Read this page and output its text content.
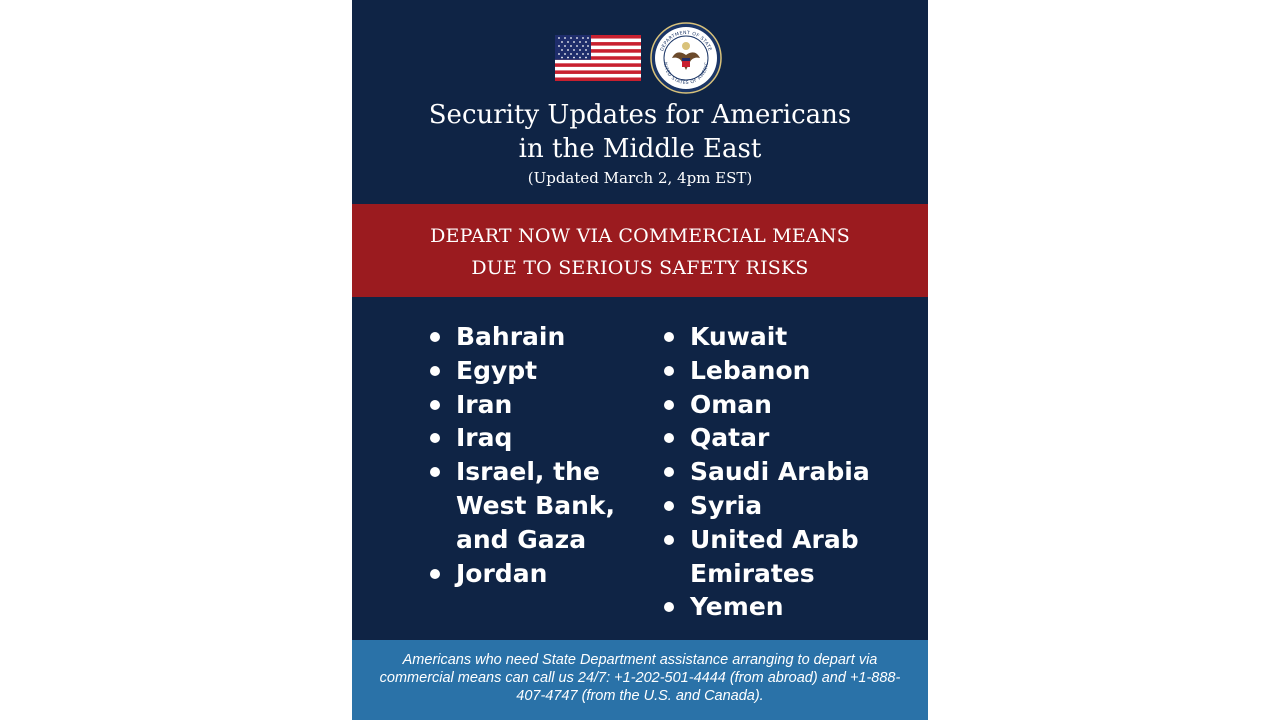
DEPARTMENT OF STATE
NITED STATES OF AMERIC
Security Updates for Americans
in the Middle East
(Updated March 2, 4pm EST)
DEPART NOW VIA COMMERCIAL MEANS
DUE TO SERIOUS SAFETY RISKS
Bahrain
Egypt
Iran
Iraq
Israel, the West Bank, and Gaza
Jordan
Kuwait
Lebanon
Oman
Qatar
Saudi Arabia
Syria
United Arab Emirates
Yemen
Americans who need State Department assistance arranging to depart via commercial means can call us 24/7: +1-202-501-4444 (from abroad) and +1-888-407-4747 (from the U.S. and Canada).
